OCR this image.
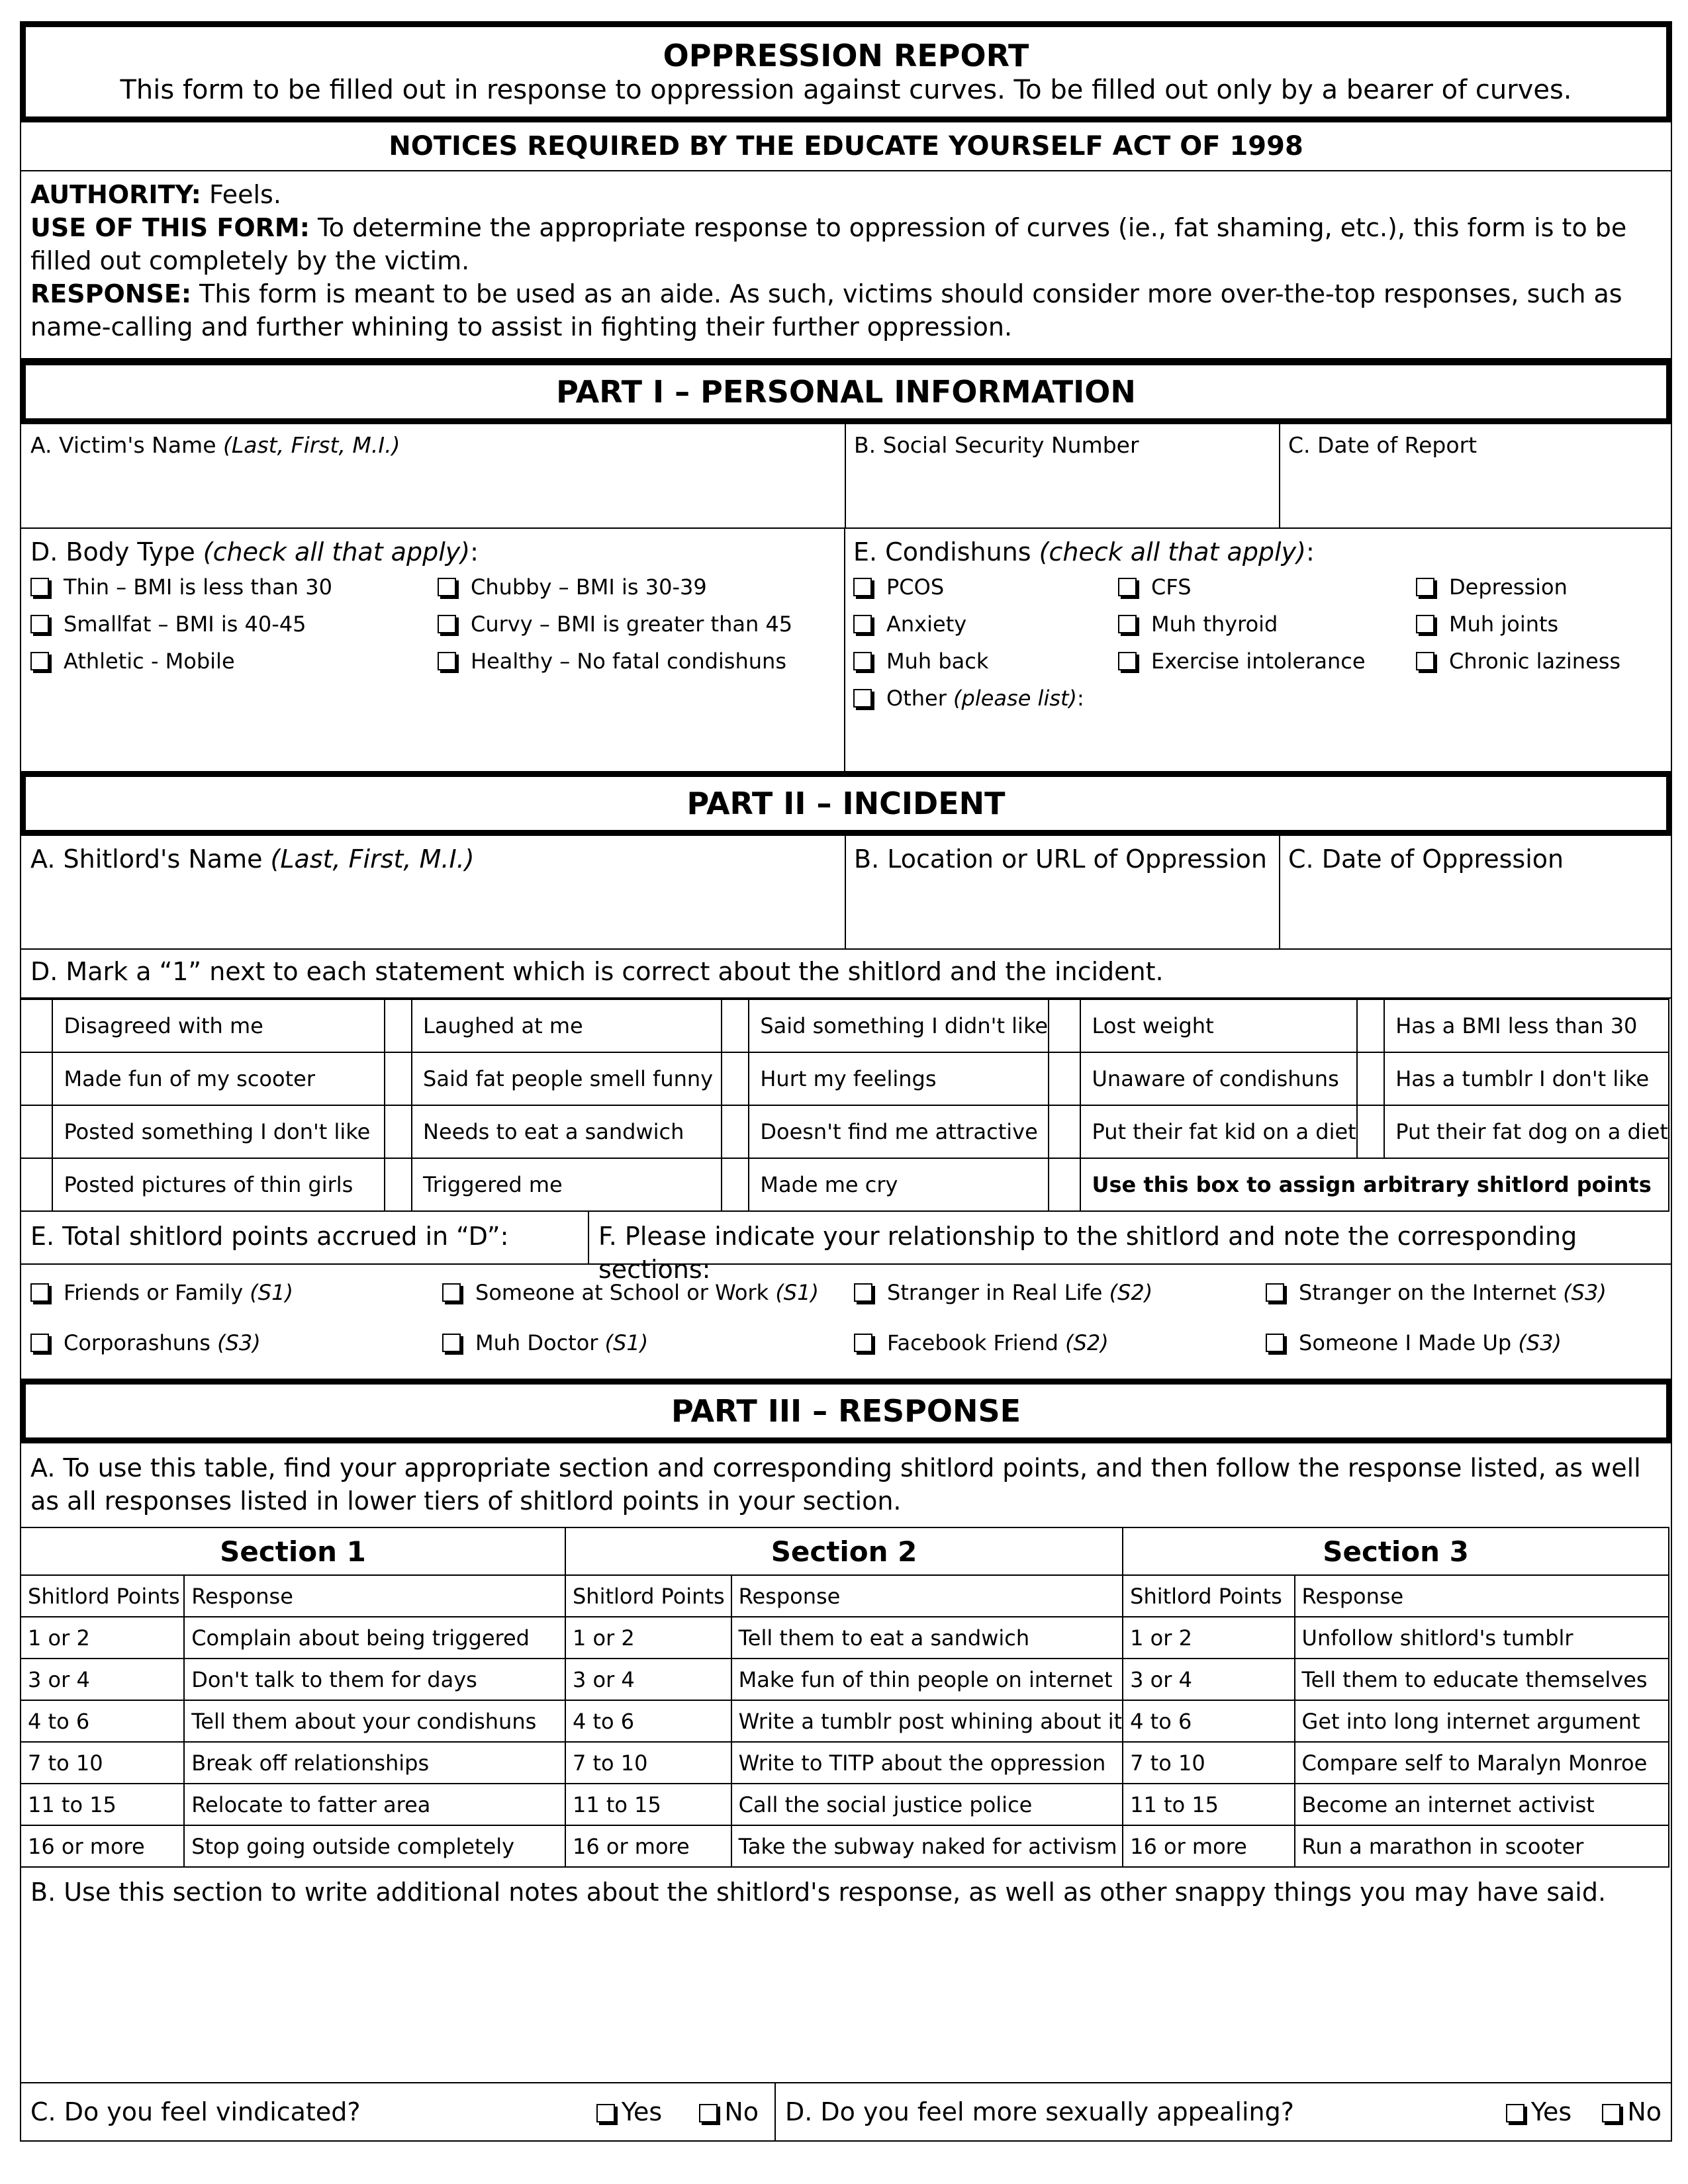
OPPRESSION REPORT
This form to be filled out in response to oppression against curves. To be filled out only by a bearer of curves.
NOTICES REQUIRED BY THE EDUCATE YOURSELF ACT OF 1998
AUTHORITY: Feels.
USE OF THIS FORM: To determine the appropriate response to oppression of curves (ie., fat shaming, etc.), this form is to be filled out completely by the victim.
RESPONSE: This form is meant to be used as an aide. As such, victims should consider more over-the-top responses, such as name-calling and further whining to assist in fighting their further oppression.
PART I – PERSONAL INFORMATION
A. Victim's Name (Last, First, M.I.)	B. Social Security Number	C. Date of Report
D. Body Type (check all that apply):
Thin – BMI is less than 30	Chubby – BMI is 30-39
Smallfat – BMI is 40-45	Curvy – BMI is greater than 45
Athletic - Mobile	Healthy – No fatal condishuns
E. Condishuns (check all that apply):
PCOS	CFS	Depression
Anxiety	Muh thyroid	Muh joints
Muh back	Exercise intolerance	Chronic laziness
Other (please list):
PART II – INCIDENT
A. Shitlord's Name (Last, First, M.I.)	B. Location or URL of Oppression C. Date of Oppression
D. Mark a “1” next to each statement which is correct about the shitlord and the incident.
	Disagreed with me		Laughed at me		Said something I didn't like		Lost weight		Has a BMI less than 30
	Made fun of my scooter		Said fat people smell funny		Hurt my feelings		Unaware of condishuns		Has a tumblr I don't like
	Posted something I don't like		Needs to eat a sandwich		Doesn't find me attractive		Put their fat kid on a diet		Put their fat dog on a diet
	Posted pictures of thin girls		Triggered me		Made me cry		Use this box to assign arbitrary shitlord points		
E. Total shitlord points accrued in “D”:	F. Please indicate your relationship to the shitlord and note the corresponding sections:
Friends or Family (S1)	Someone at School or Work (S1)	Stranger in Real Life (S2)	Stranger on the Internet (S3)
Corporashuns (S3)	Muh Doctor (S1)	Facebook Friend (S2)	Someone I Made Up (S3)
PART III – RESPONSE
A. To use this table, find your appropriate section and corresponding shitlord points, and then follow the response listed, as well as all responses listed in lower tiers of shitlord points in your section.
Section 1		Section 2		Section 3	
Shitlord Points	Response	Shitlord Points	Response	Shitlord Points	Response
1 or 2	Complain about being triggered	1 or 2	Tell them to eat a sandwich	1 or 2	Unfollow shitlord's tumblr
3 or 4	Don't talk to them for days	3 or 4	Make fun of thin people on internet	3 or 4	Tell them to educate themselves
4 to 6	Tell them about your condishuns	4 to 6	Write a tumblr post whining about it	4 to 6	Get into long internet argument
7 to 10	Break off relationships	7 to 10	Write to TITP about the oppression	7 to 10	Compare self to Maralyn Monroe
11 to 15	Relocate to fatter area	11 to 15	Call the social justice police	11 to 15	Become an internet activist
16 or more	Stop going outside completely	16 or more	Take the subway naked for activism	16 or more	Run a marathon in scooter
B. Use this section to write additional notes about the shitlord's response, as well as other snappy things you may have said.
C. Do you feel vindicated?	Yes No D. Do you feel more sexually appealing?	Yes No
